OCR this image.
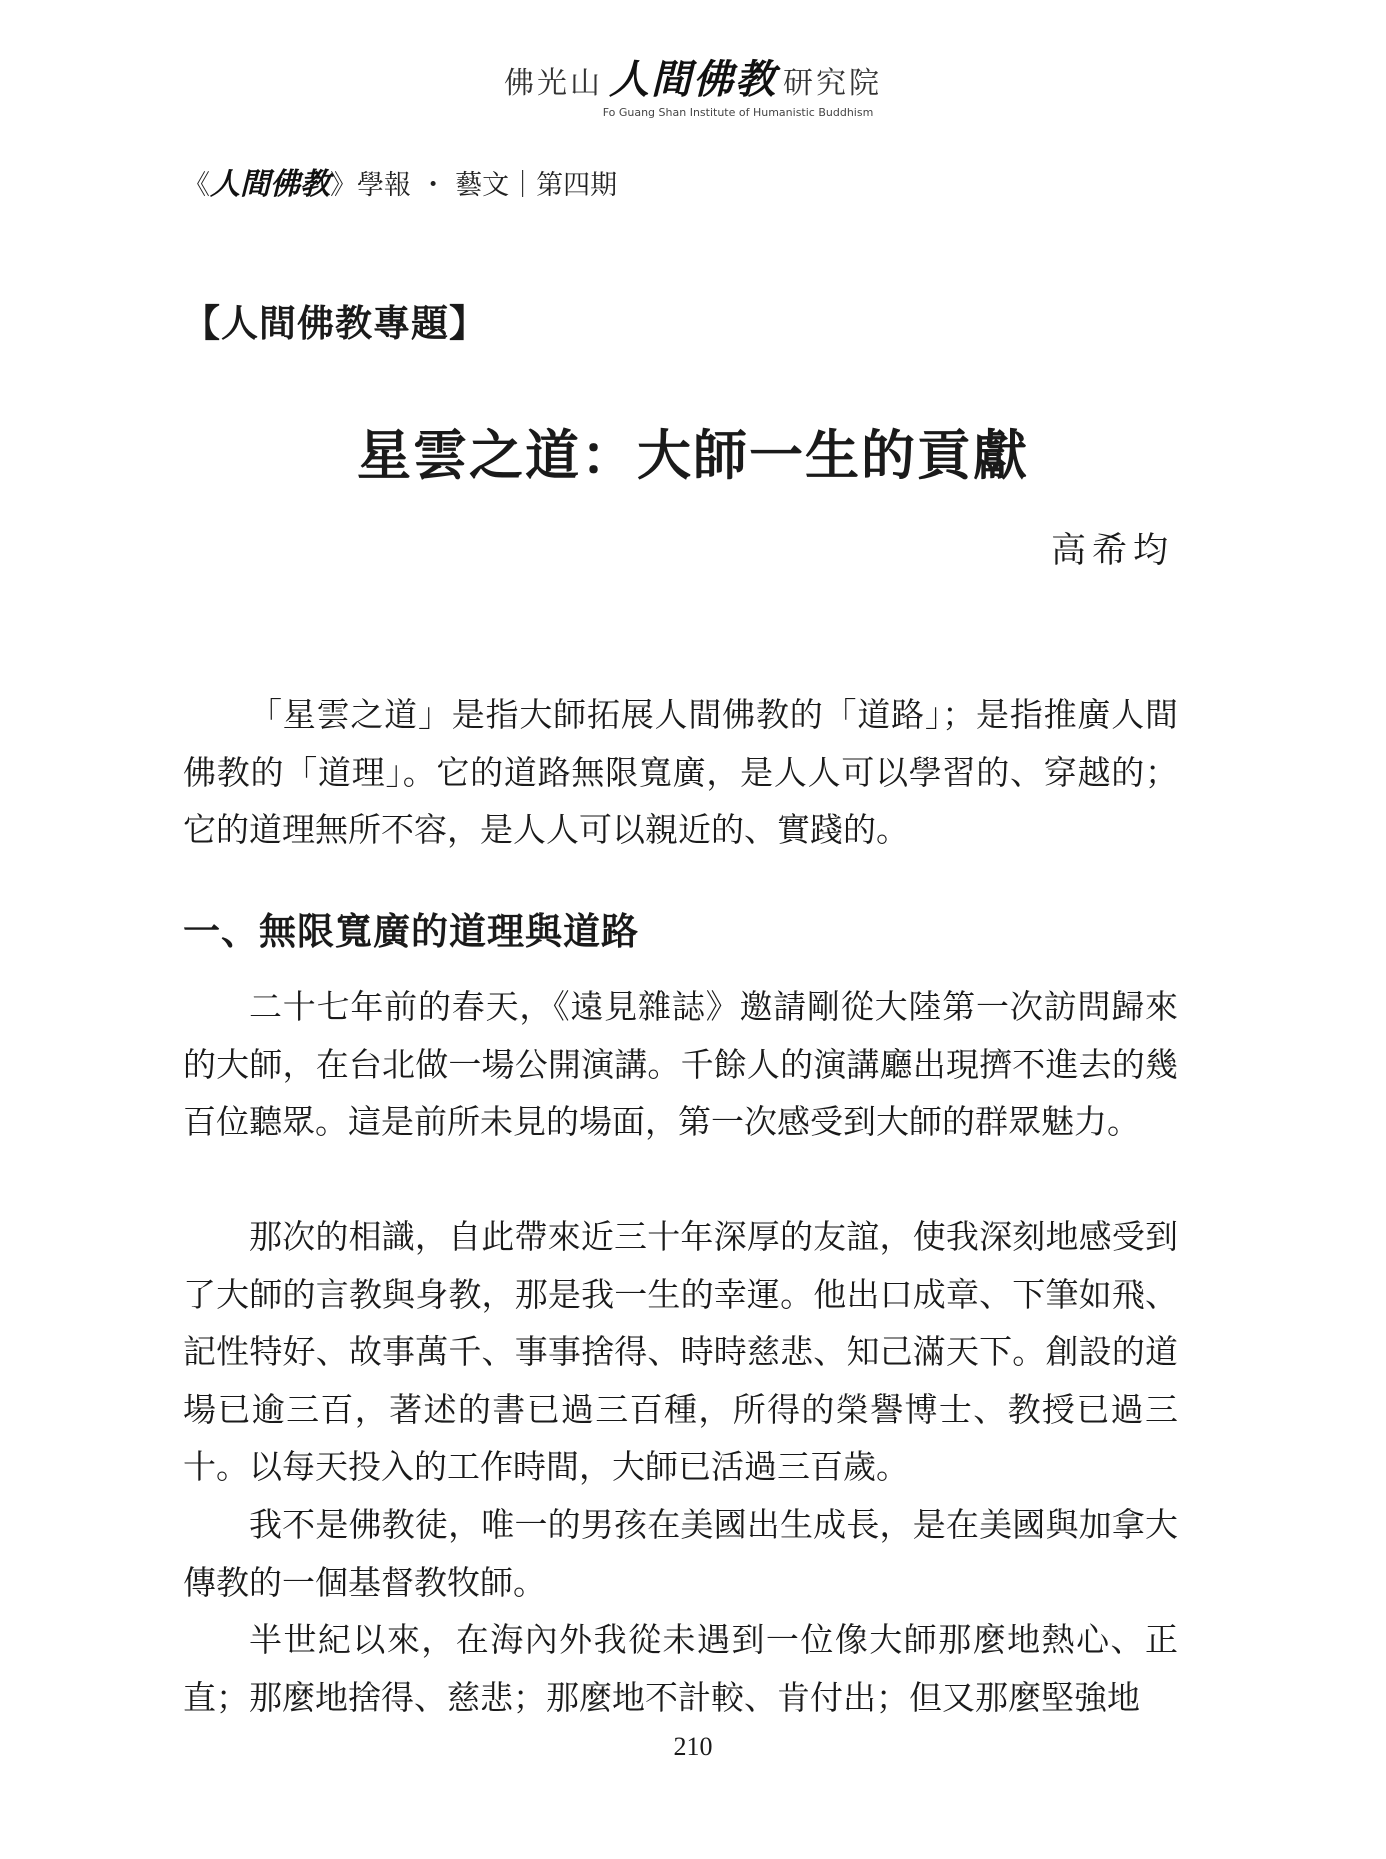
佛光山 人間佛教 研究院
Fo Guang Shan Institute of Humanistic Buddhism
《人間佛教》學報 ・ 藝文｜第四期
【人間佛教專題】
星雲之道：大師一生的貢獻
高希均

「星雲之道」是指大師拓展人間佛教的「道路」；是指推廣人間佛教的「道理」。它的道路無限寬廣，是人人可以學習的、穿越的；它的道理無所不容，是人人可以親近的、實踐的。

一、無限寬廣的道理與道路

二十七年前的春天，《遠見雜誌》邀請剛從大陸第一次訪問歸來的大師，在台北做一場公開演講。千餘人的演講廳出現擠不進去的幾百位聽眾。這是前所未見的場面，第一次感受到大師的群眾魅力。

那次的相識，自此帶來近三十年深厚的友誼，使我深刻地感受到了大師的言教與身教，那是我一生的幸運。他出口成章、下筆如飛、記性特好、故事萬千、事事捨得、時時慈悲、知己滿天下。創設的道場已逾三百，著述的書已過三百種，所得的榮譽博士、教授已過三十。以每天投入的工作時間，大師已活過三百歲。

我不是佛教徒，唯一的男孩在美國出生成長，是在美國與加拿大傳教的一個基督教牧師。

半世紀以來，在海內外我從未遇到一位像大師那麼地熱心、正直；那麼地捨得、慈悲；那麼地不計較、肯付出；但又那麼堅強地

210
